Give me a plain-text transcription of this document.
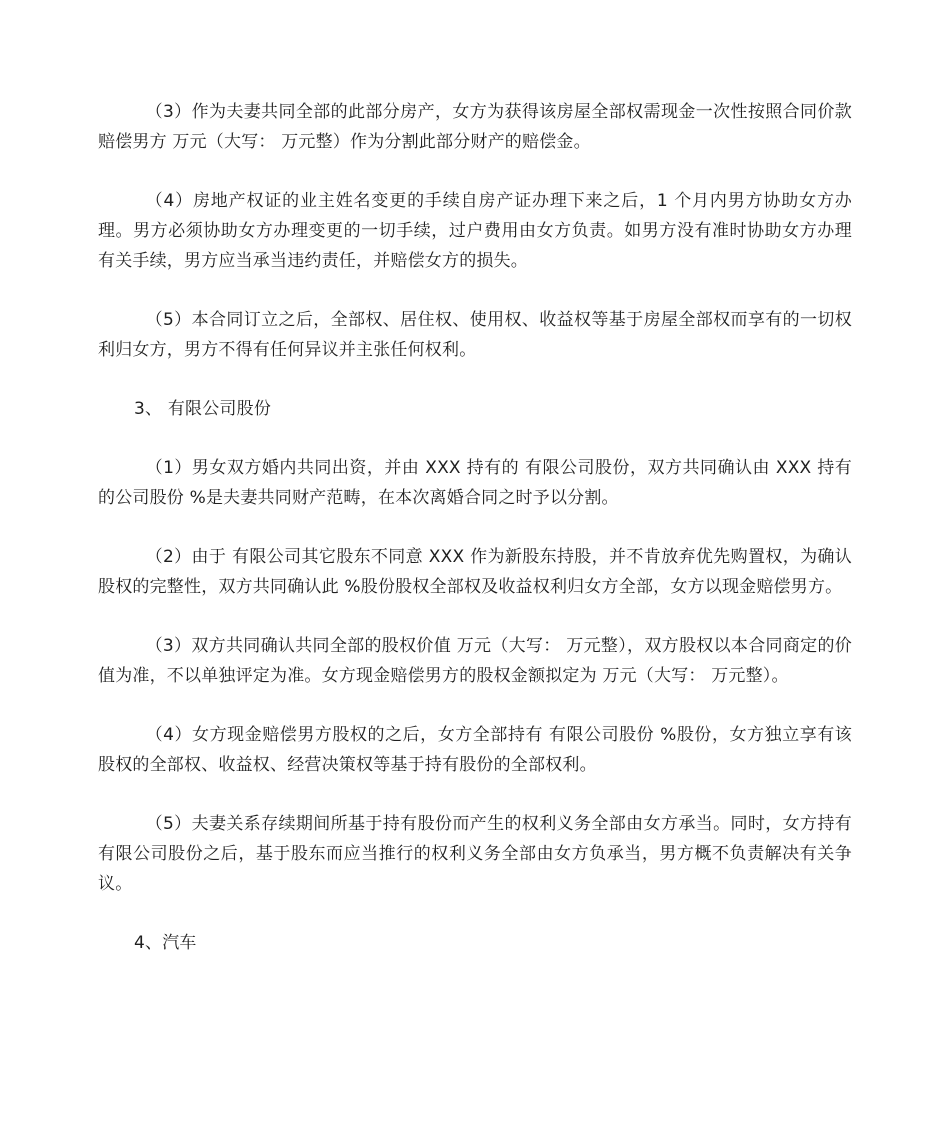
（3）作为夫妻共同全部的此部分房产，女方为获得该房屋全部权需现金一次性按照合同价款赔偿男方 万元（大写： 万元整）作为分割此部分财产的赔偿金。

（4）房地产权证的业主姓名变更的手续自房产证办理下来之后，1 个月内男方协助女方办理。男方必须协助女方办理变更的一切手续，过户费用由女方负责。如男方没有准时协助女方办理有关手续，男方应当承当违约责任，并赔偿女方的损失。

（5）本合同订立之后，全部权、居住权、使用权、收益权等基于房屋全部权而享有的一切权利归女方，男方不得有任何异议并主张任何权利。

3、 有限公司股份

（1）男女双方婚内共同出资，并由 XXX 持有的 有限公司股份，双方共同确认由 XXX 持有的公司股份 %是夫妻共同财产范畴，在本次离婚合同之时予以分割。

（2）由于 有限公司其它股东不同意 XXX 作为新股东持股，并不肯放弃优先购置权，为确认股权的完整性，双方共同确认此 %股份股权全部权及收益权利归女方全部，女方以现金赔偿男方。

（3）双方共同确认共同全部的股权价值 万元（大写： 万元整），双方股权以本合同商定的价值为准，不以单独评定为准。女方现金赔偿男方的股权金额拟定为 万元（大写： 万元整）。

（4）女方现金赔偿男方股权的之后，女方全部持有 有限公司股份 %股份，女方独立享有该股权的全部权、收益权、经营决策权等基于持有股份的全部权利。

（5）夫妻关系存续期间所基于持有股份而产生的权利义务全部由女方承当。同时，女方持有 有限公司股份之后，基于股东而应当推行的权利义务全部由女方负承当，男方概不负责解决有关争议。

4、汽车
